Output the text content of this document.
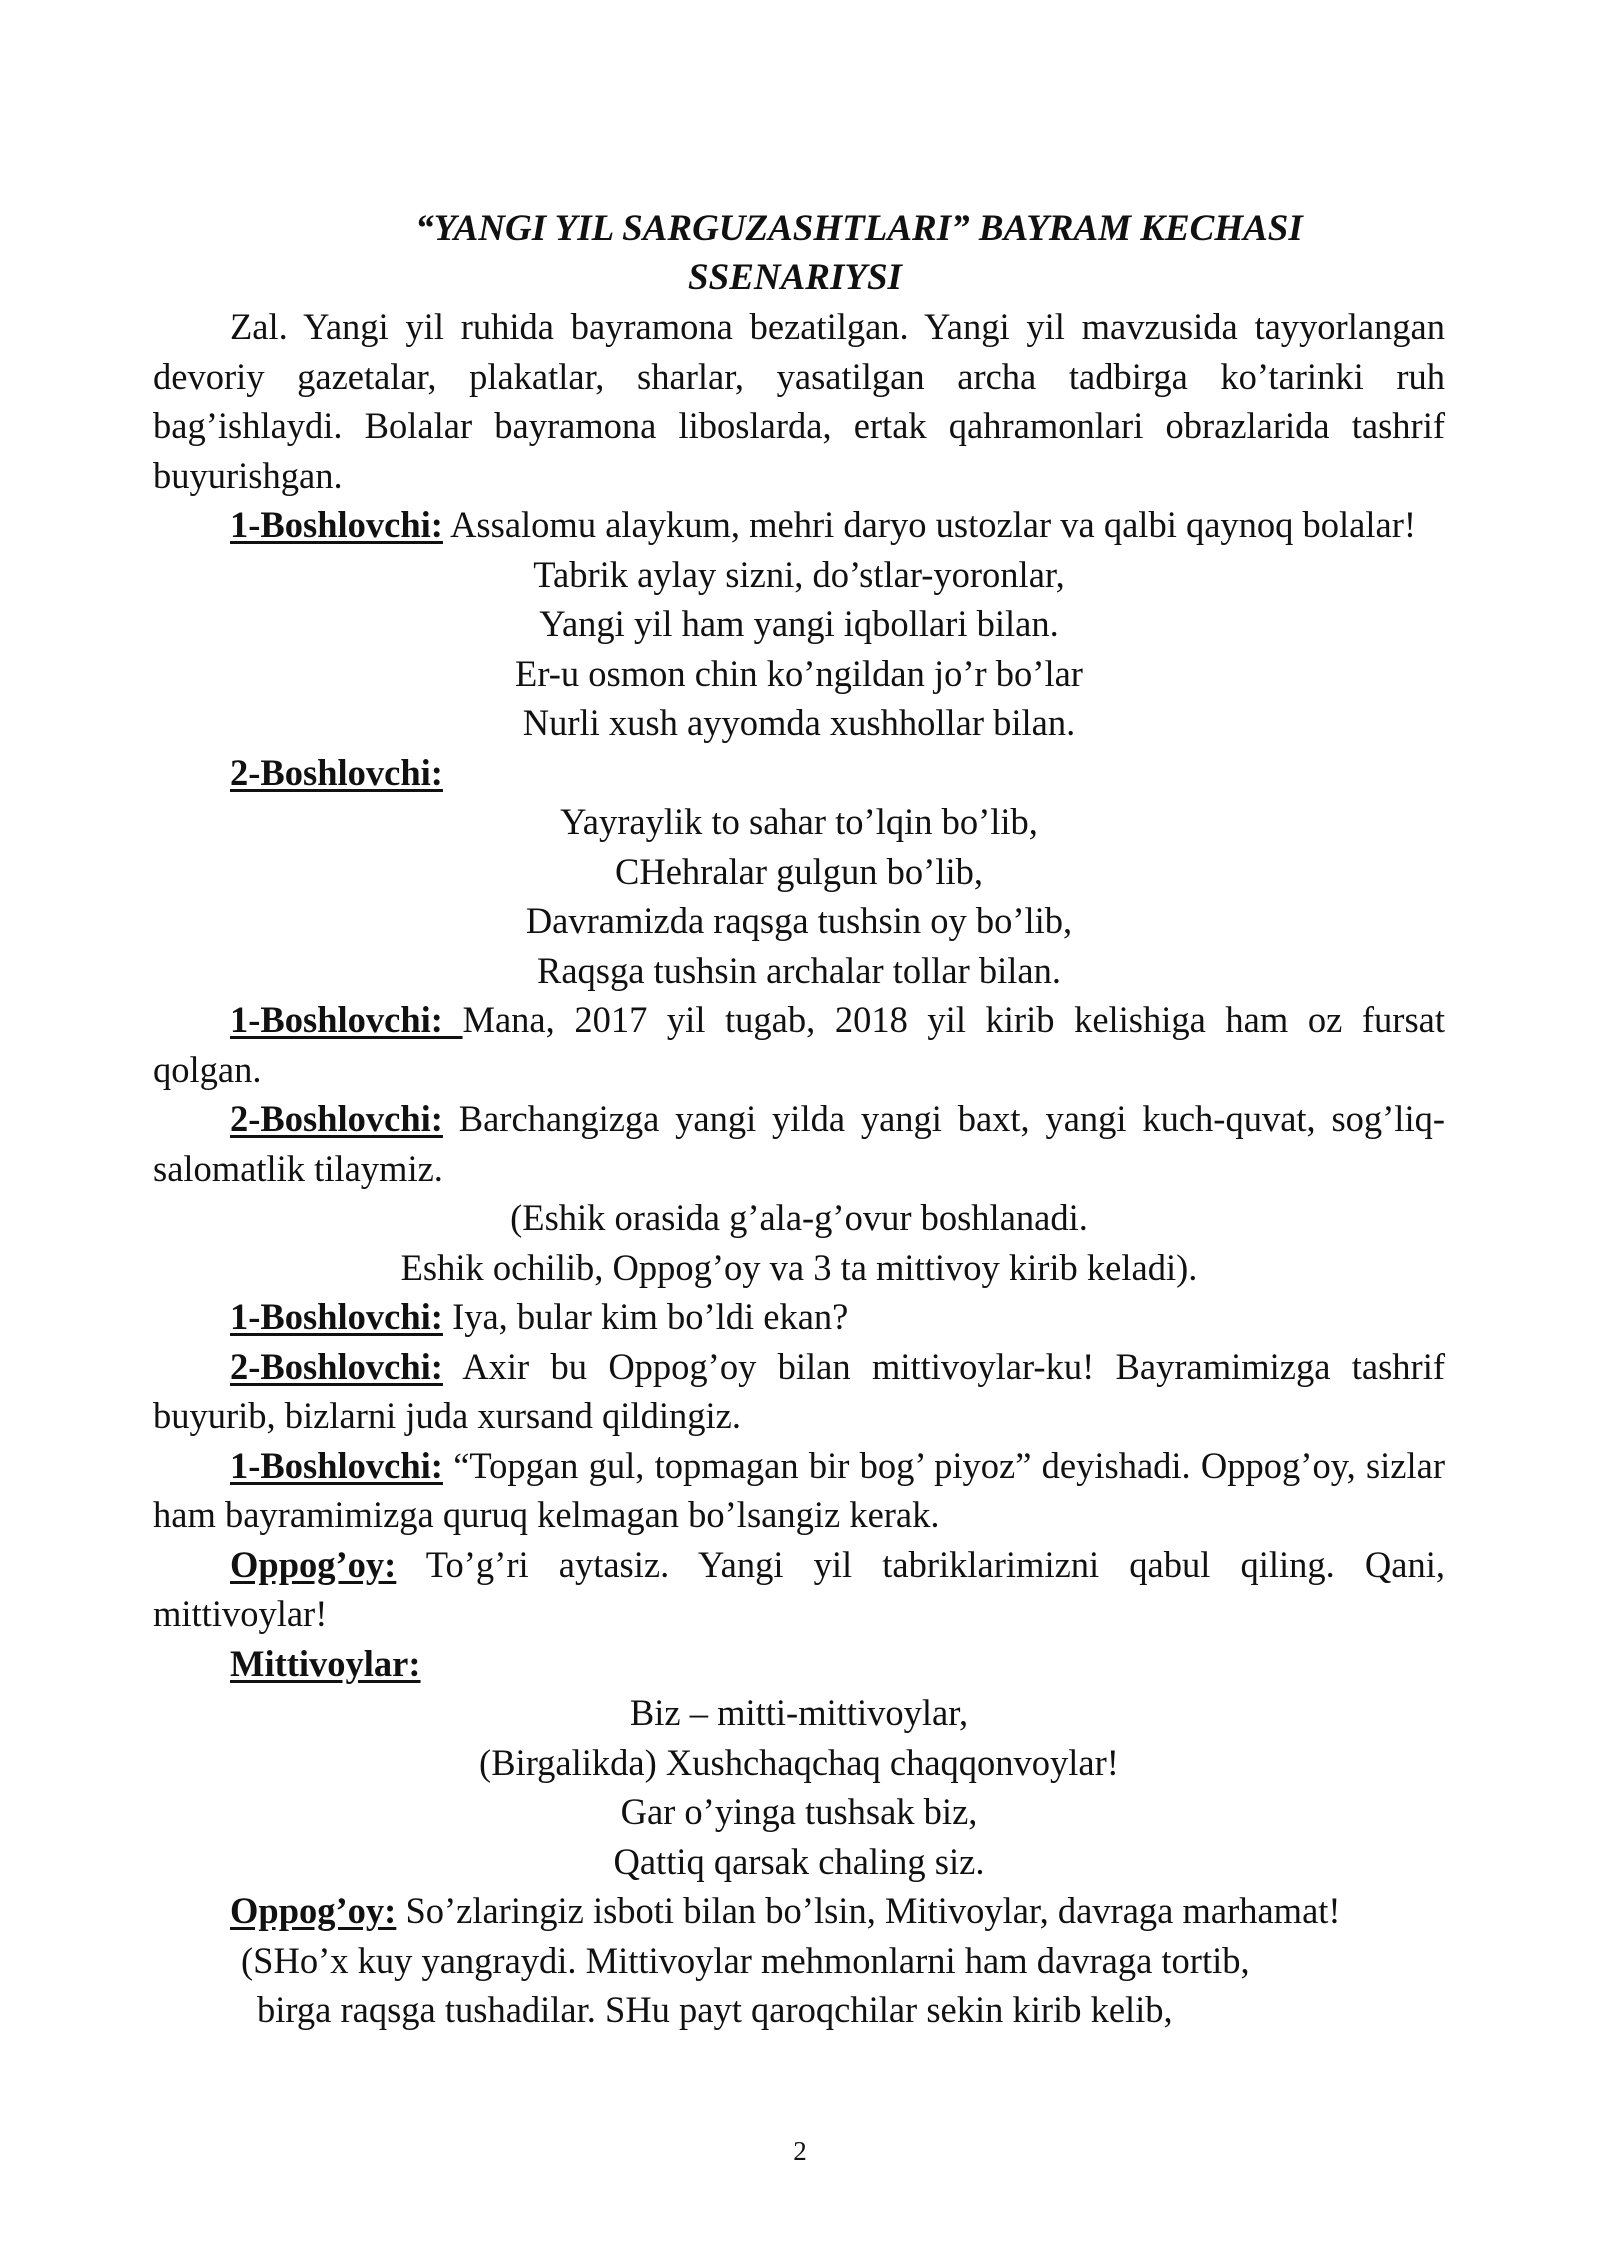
“YANGI YIL SARGUZASHTLARI” BAYRAM KECHASI
SSENARIYSI

Zal. Yangi yil ruhida bayramona bezatilgan. Yangi yil mavzusida tayyorlangan devoriy gazetalar, plakatlar, sharlar, yasatilgan archa tadbirga ko’tarinki ruh bag’ishlaydi. Bolalar bayramona liboslarda, ertak qahramonlari obrazlarida tashrif buyurishgan.

1-Boshlovchi: Assalomu alaykum, mehri daryo ustozlar va qalbi qaynoq bolalar!

Tabrik aylay sizni, do’stlar-yoronlar,
Yangi yil ham yangi iqbollari bilan.
Er-u osmon chin ko’ngildan jo’r bo’lar
Nurli xush ayyomda xushhollar bilan.

2-Boshlovchi:

Yayraylik to sahar to’lqin bo’lib,
CHehralar gulgun bo’lib,
Davramizda raqsga tushsin oy bo’lib,
Raqsga tushsin archalar tollar bilan.

1-Boshlovchi: Mana, 2017 yil tugab, 2018 yil kirib kelishiga ham oz fursat qolgan.

2-Boshlovchi: Barchangizga yangi yilda yangi baxt, yangi kuch-quvat, sog’liq-salomatlik tilaymiz.

(Eshik orasida g’ala-g’ovur boshlanadi.
Eshik ochilib, Oppog’oy va 3 ta mittivoy kirib keladi).

1-Boshlovchi: Iya, bular kim bo’ldi ekan?

2-Boshlovchi: Axir bu Oppog’oy bilan mittivoylar-ku! Bayramimizga tashrif buyurib, bizlarni juda xursand qildingiz.

1-Boshlovchi: “Topgan gul, topmagan bir bog’ piyoz” deyishadi. Oppog’oy, sizlar ham bayramimizga quruq kelmagan bo’lsangiz kerak.

Oppog’oy: To’g’ri aytasiz. Yangi yil tabriklarimizni qabul qiling. Qani, mittivoylar!

Mittivoylar:

Biz – mitti-mittivoylar,
(Birgalikda) Xushchaqchaq chaqqonvoylar!
Gar o’yinga tushsak biz,
Qattiq qarsak chaling siz.

Oppog’oy: So’zlaringiz isboti bilan bo’lsin, Mitivoylar, davraga marhamat!

(SHo’x kuy yangraydi. Mittivoylar mehmonlarni ham davraga tortib,
birga raqsga tushadilar. SHu payt qaroqchilar sekin kirib kelib,
2
